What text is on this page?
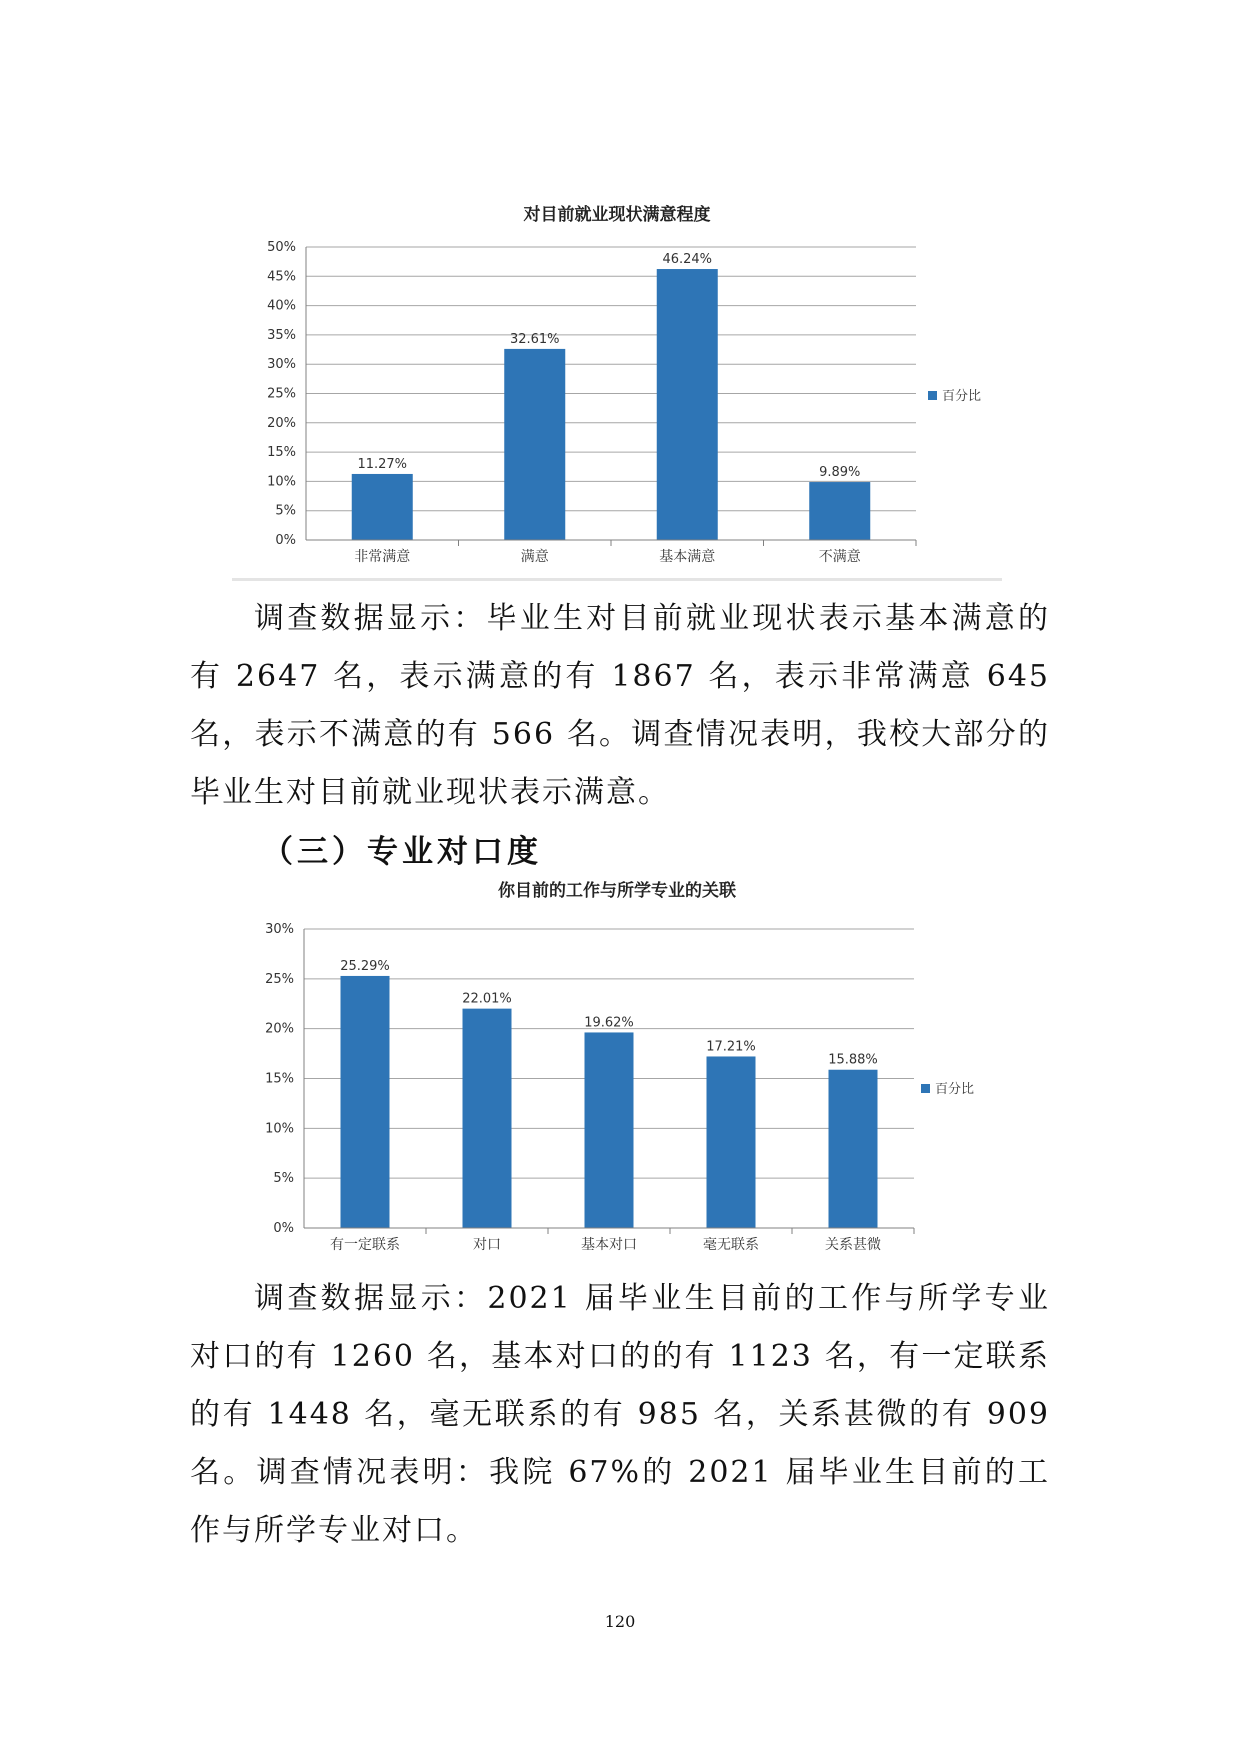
对目前就业现状满意程度
0%
5%
10%
15%
20%
25%
30%
35%
40%
45%
50%
11.27%
非常满意
32.61%
满意
46.24%
基本满意
9.89%
不满意
百分比

调查数据显示：毕业生对目前就业现状表示基本满意的有 2647 名，表示满意的有 1867 名，表示非常满意 645 名，表示不满意的有 566 名。调查情况表明，我校大部分的毕业生对目前就业现状表示满意。

（三）专业对口度
你目前的工作与所学专业的关联
0%
5%
10%
15%
20%
25%
30%
25.29%
有一定联系
22.01%
对口
19.62%
基本对口
17.21%
毫无联系
15.88%
关系甚微
百分比

调查数据显示：2021 届毕业生目前的工作与所学专业对口的有 1260 名，基本对口的的有 1123 名，有一定联系的有 1448 名，毫无联系的有 985 名，关系甚微的有 909 名。调查情况表明：我院 67%的 2021 届毕业生目前的工作与所学专业对口。

120
